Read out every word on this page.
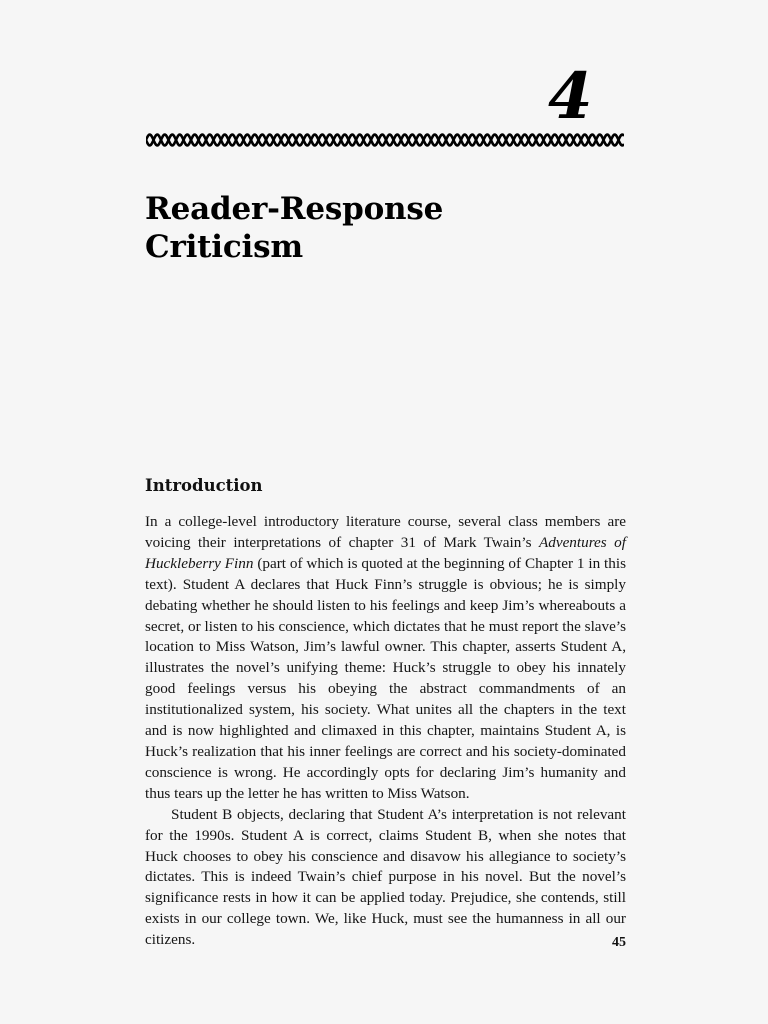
4
Reader-Response
Criticism
Introduction

In a college-level introductory literature course, several class members are voicing their interpretations of chapter 31 of Mark Twain’s Adventures of Huckleberry Finn (part of which is quoted at the beginning of Chapter 1 in this text). Student A declares that Huck Finn’s struggle is obvious; he is simply debating whether he should listen to his feelings and keep Jim’s whereabouts a secret, or listen to his conscience, which dictates that he must report the slave’s location to Miss Watson, Jim’s lawful owner. This chapter, asserts Student A, illustrates the novel’s unifying theme: Huck’s struggle to obey his innately good feelings versus his obeying the abstract commandments of an institutionalized system, his society. What unites all the chapters in the text and is now highlighted and climaxed in this chapter, maintains Student A, is Huck’s realization that his inner feelings are correct and his society-dominated conscience is wrong. He accordingly opts for declaring Jim’s humanity and thus tears up the letter he has written to Miss Watson.

Student B objects, declaring that Student A’s interpretation is not relevant for the 1990s. Student A is correct, claims Student B, when she notes that Huck chooses to obey his conscience and disavow his allegiance to society’s dictates. This is indeed Twain’s chief purpose in his novel. But the novel’s significance rests in how it can be applied today. Prejudice, she contends, still exists in our college town. We, like Huck, must see the humanness in all our citizens.	45
